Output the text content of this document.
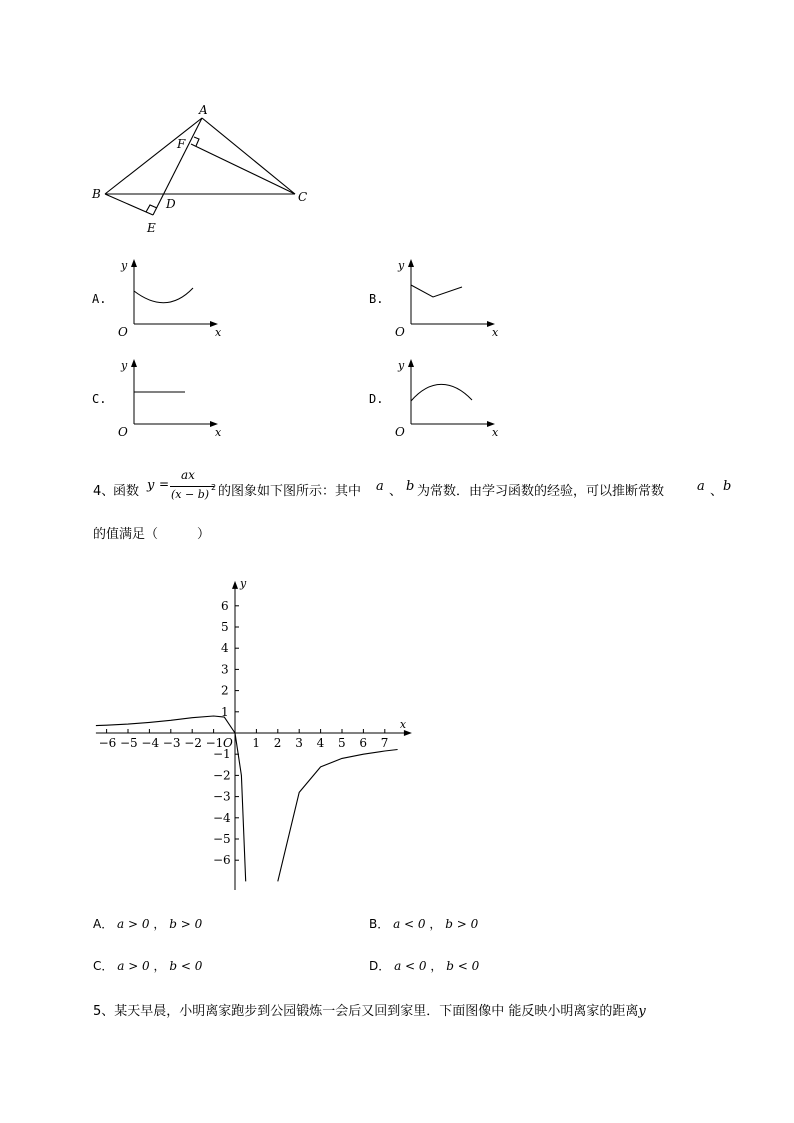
A
B	C
D
E
F
A.
y
O	x
B.
y
O	x
C.
y
O	x
D.
y
O	x
4、
函数 y =
ax
(x − b)
2 的图象如下图所示：其中 a 、 b 为常数．由学习函数的经验，可以推断常数	a 、 b
的值满足（　　　）
x
y
−6 −5 −4 −3 −2 −1 O 1 2 3 4 5 6 7
6
5
4
3
2
1
−1
−2
−3
−4
−5
−6
A． a > 0 ， b > 0	B． a < 0 ， b > 0
C． a > 0 ， b < 0	D． a < 0 ， b < 0
5、某天早晨，小明离家跑步到公园锻炼一会后又回到家里．下面图像中 能反映小明离家的距离y
